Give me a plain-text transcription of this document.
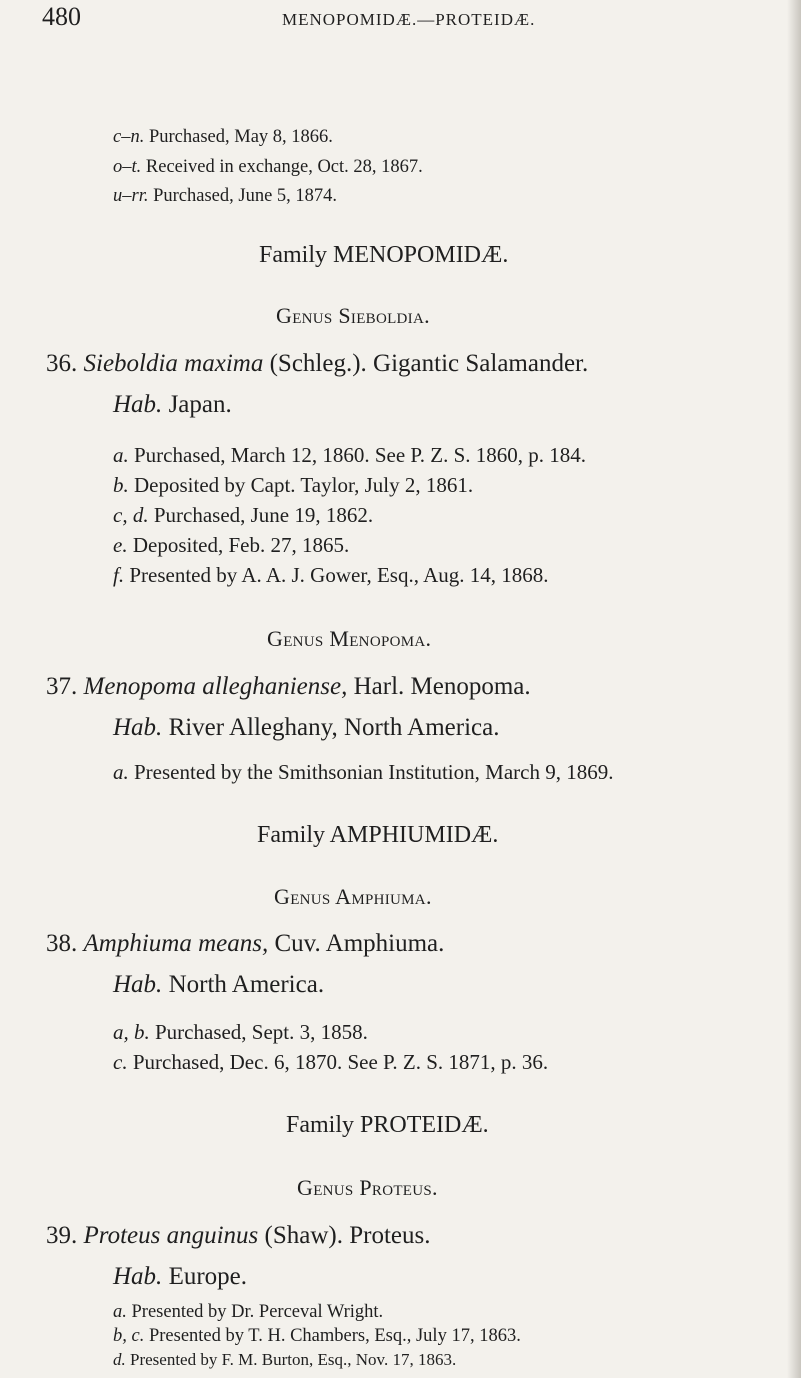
480	MENOPOMIDÆ.—PROTEIDÆ.
c–n. Purchased, May 8, 1866.
o–t. Received in exchange, Oct. 28, 1867.
u–rr. Purchased, June 5, 1874.
Family MENOPOMIDÆ.
Genus Sieboldia.
36. Sieboldia maxima (Schleg.). Gigantic Salamander.
Hab. Japan.
a. Purchased, March 12, 1860. See P. Z. S. 1860, p. 184.
b. Deposited by Capt. Taylor, July 2, 1861.
c, d. Purchased, June 19, 1862.
e. Deposited, Feb. 27, 1865.
f. Presented by A. A. J. Gower, Esq., Aug. 14, 1868.
Genus Menopoma.
37. Menopoma alleghaniense, Harl. Menopoma.
Hab. River Alleghany, North America.
a. Presented by the Smithsonian Institution, March 9, 1869.
Family AMPHIUMIDÆ.
Genus Amphiuma.
38. Amphiuma means, Cuv. Amphiuma.
Hab. North America.
a, b. Purchased, Sept. 3, 1858.
c. Purchased, Dec. 6, 1870. See P. Z. S. 1871, p. 36.
Family PROTEIDÆ.
Genus Proteus.
39. Proteus anguinus (Shaw). Proteus.
Hab. Europe.
a. Presented by Dr. Perceval Wright.
b, c. Presented by T. H. Chambers, Esq., July 17, 1863.
d. Presented by F. M. Burton, Esq., Nov. 17, 1863.
